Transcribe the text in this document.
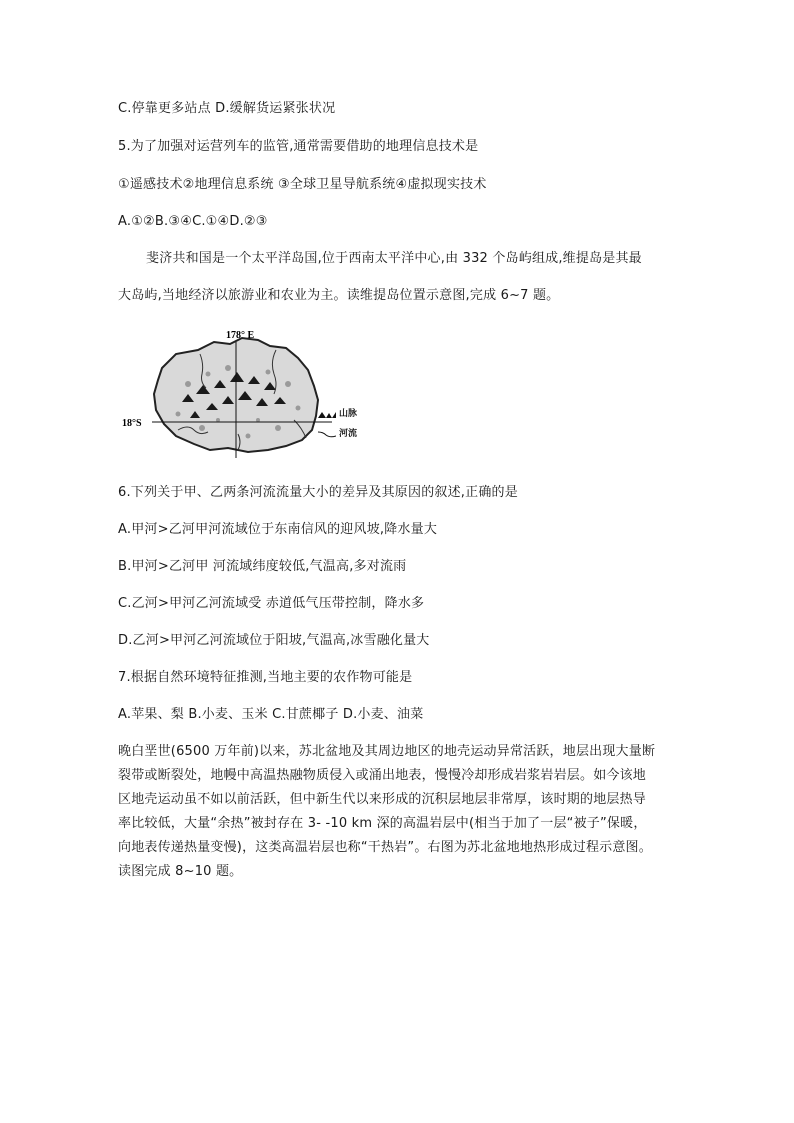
C.停靠更多站点 D.缓解货运紧张状况
5.为了加强对运营列车的监管,通常需要借助的地理信息技术是
①遥感技术②地理信息系统 ③全球卫星导航系统④虚拟现实技术
A.①②B.③④C.①④D.②③
斐济共和国是一个太平洋岛国,位于西南太平洋中心,由 332 个岛屿组成,维提岛是其最
大岛屿,当地经济以旅游业和农业为主。读维提岛位置示意图,完成 6~7 题。
178° E
18°S
山脉
河流
6.下列关于甲、乙两条河流流量大小的差异及其原因的叙述,正确的是
A.甲河>乙河甲河流域位于东南信风的迎风坡,降水量大
B.甲河>乙河甲 河流域纬度较低,气温高,多对流雨
C.乙河>甲河乙河流域受 赤道低气压带控制，降水多
D.乙河>甲河乙河流域位于阳坡,气温高,冰雪融化量大
7.根据自然环境特征推测,当地主要的农作物可能是
A.苹果、梨 B.小麦、玉米 C.甘蔗椰子 D.小麦、油菜
晚白垩世(6500 万年前)以来，苏北盆地及其周边地区的地壳运动异常活跃，地层出现大量断
裂带或断裂处，地幔中高温热融物质侵入或涌出地表，慢慢冷却形成岩浆岩岩层。如今该地
区地壳运动虽不如以前活跃，但中新生代以来形成的沉积层地层非常厚，该时期的地层热导
率比较低，大量“余热”被封存在 3- -10 km 深的高温岩层中(相当于加了一层“被子”保暖，
向地表传递热量变慢)，这类高温岩层也称“干热岩”。右图为苏北盆地地热形成过程示意图。
读图完成 8~10 题。
